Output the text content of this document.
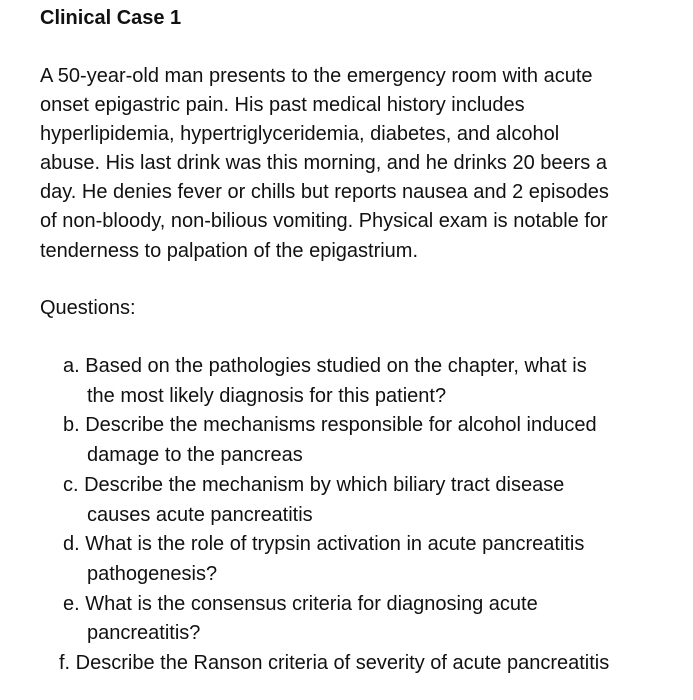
Clinical Case 1

A 50-year-old man presents to the emergency room with acute
onset epigastric pain. His past medical history includes
hyperlipidemia, hypertriglyceridemia, diabetes, and alcohol
abuse. His last drink was this morning, and he drinks 20 beers a
day. He denies fever or chills but reports nausea and 2 episodes
of non-bloody, non-bilious vomiting. Physical exam is notable for
tenderness to palpation of the epigastrium.

Questions:

a. Based on the pathologies studied on the chapter, what is
the most likely diagnosis for this patient?
b. Describe the mechanisms responsible for alcohol induced
damage to the pancreas
c. Describe the mechanism by which biliary tract disease
causes acute pancreatitis
d. What is the role of trypsin activation in acute pancreatitis
pathogenesis?
e. What is the consensus criteria for diagnosing acute
pancreatitis?
f. Describe the Ranson criteria of severity of acute pancreatitis
